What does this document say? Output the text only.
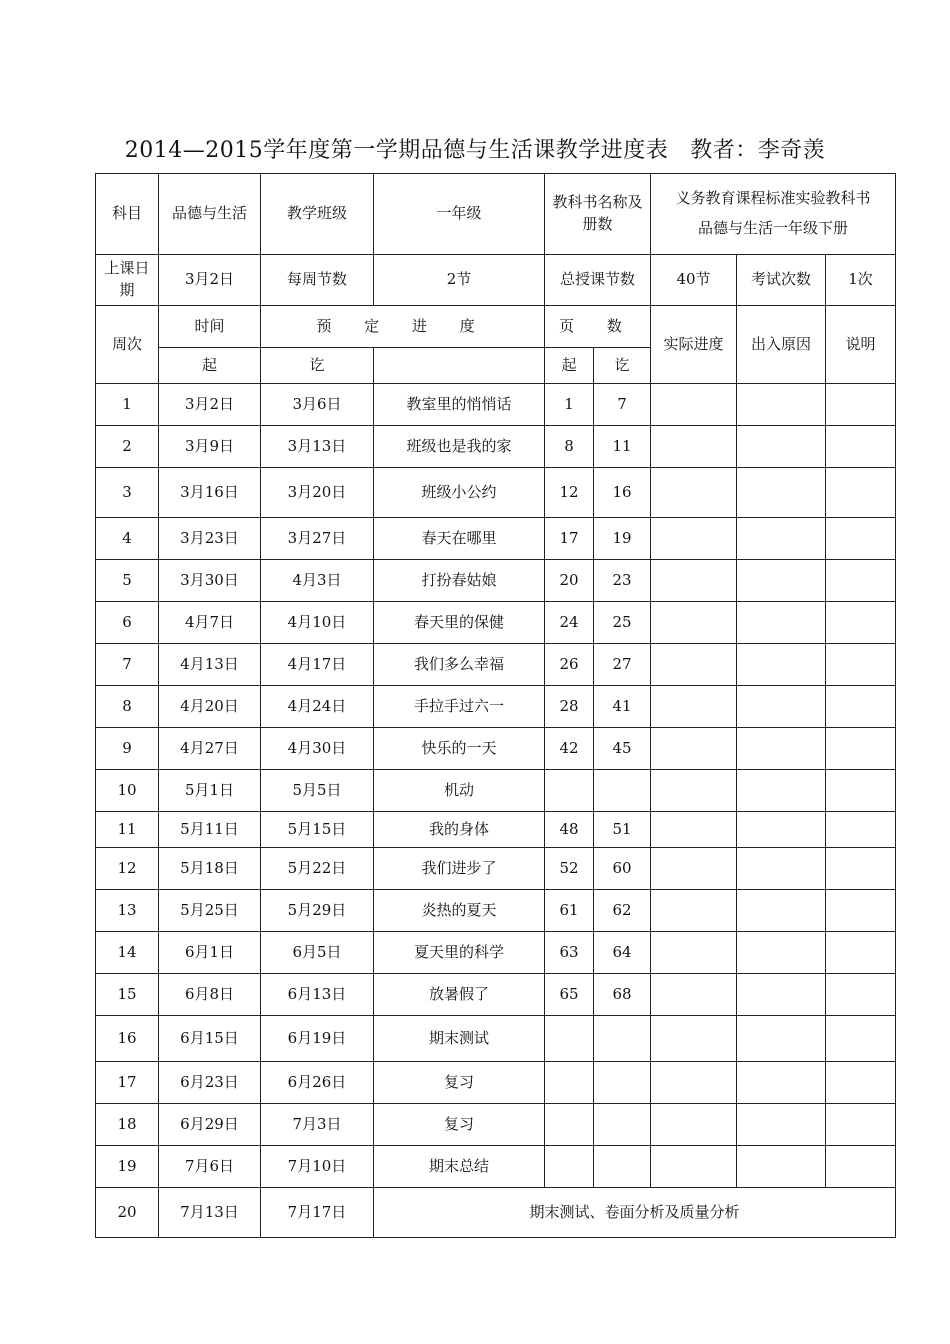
2014—2015学年度第一学期品德与生活课教学进度表 教者：李奇羡
科目	品德与生活	教学班级	一年级	教科书名称及册数		义务教育课程标准实验教科书
品德与生活一年级下册		

上课日期	3月2日	每周节数	2节	总授课节数		40节	考试次数	1次
周次	时间	预 定 进 度		页 数		实际进度	出入原因	说明
	起	讫		起	讫			
1	3月2日	3月6日	教室里的悄悄话	1	7			
2	3月9日	3月13日	班级也是我的家	8	11			
3	3月16日	3月20日	班级小公约	12	16			
4	3月23日	3月27日	春天在哪里	17	19			
5	3月30日	4月3日	打扮春姑娘	20	23			
6	4月7日	4月10日	春天里的保健	24	25			
7	4月13日	4月17日	我们多么幸福	26	27			
8	4月20日	4月24日	手拉手过六一	28	41			
9	4月27日	4月30日	快乐的一天	42	45			
10	5月1日	5月5日	机动					
11	5月11日	5月15日	我的身体	48	51			
12	5月18日	5月22日	我们进步了	52	60			
13	5月25日	5月29日	炎热的夏天	61	62			
14	6月1日	6月5日	夏天里的科学	63	64			
15	6月8日	6月13日	放暑假了	65	68			
16	6月15日	6月19日	期末测试					
17	6月23日	6月26日	复习					
18	6月29日	7月3日	复习					
19	7月6日	7月10日	期末总结					
20	7月13日	7月17日	期末测试、卷面分析及质量分析					
